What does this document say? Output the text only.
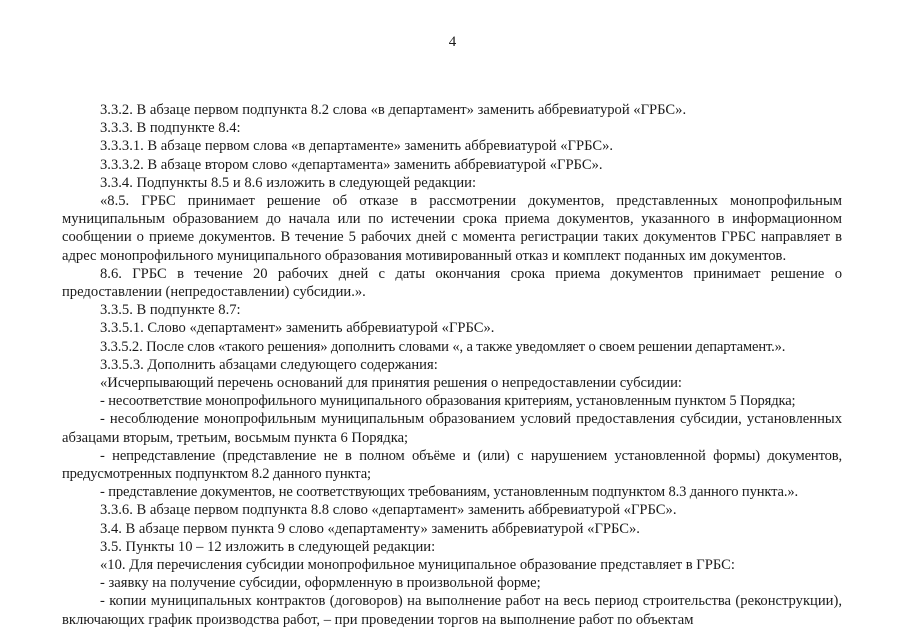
4

3.3.2. В абзаце первом подпункта 8.2 слова «в департамент» заменить аббревиатурой «ГРБС».

3.3.3. В подпункте 8.4:

3.3.3.1. В абзаце первом слова «в департаменте» заменить аббревиатурой «ГРБС».

3.3.3.2. В абзаце втором слово «департамента» заменить аббревиатурой «ГРБС».

3.3.4. Подпункты 8.5 и 8.6 изложить в следующей редакции:

«8.5. ГРБС принимает решение об отказе в рассмотрении документов, представленных монопрофильным муниципальным образованием до начала или по истечении срока приема документов, указанного в информационном сообщении о приеме документов. В течение 5 рабочих дней с момента регистрации таких документов ГРБС направляет в адрес монопрофильного муниципального образования мотивированный отказ и комплект поданных им документов.

8.6. ГРБС в течение 20 рабочих дней с даты окончания срока приема документов принимает решение о предоставлении (непредоставлении) субсидии.».

3.3.5. В подпункте 8.7:

3.3.5.1. Слово «департамент» заменить аббревиатурой «ГРБС».

3.3.5.2. После слов «такого решения» дополнить словами «, а также уведомляет о своем решении департамент.».

3.3.5.3. Дополнить абзацами следующего содержания:

«Исчерпывающий перечень оснований для принятия решения о непредоставлении субсидии:

- несоответствие монопрофильного муниципального образования критериям, установленным пунктом 5 Порядка;

- несоблюдение монопрофильным муниципальным образованием условий предоставления субсидии, установленных абзацами вторым, третьим, восьмым пункта 6 Порядка;

- непредставление (представление не в полном объёме и (или) с нарушением установленной формы) документов, предусмотренных подпунктом 8.2 данного пункта;

- представление документов, не соответствующих требованиям, установленным подпунктом 8.3 данного пункта.».

3.3.6. В абзаце первом подпункта 8.8 слово «департамент» заменить аббревиатурой «ГРБС».

3.4. В абзаце первом пункта 9 слово «департаменту» заменить аббревиатурой «ГРБС».

3.5. Пункты 10 – 12 изложить в следующей редакции:

«10. Для перечисления субсидии монопрофильное муниципальное образование представляет в ГРБС:

- заявку на получение субсидии, оформленную в произвольной форме;

- копии муниципальных контрактов (договоров) на выполнение работ на весь период строительства (реконструкции), включающих график производства работ, – при проведении торгов на выполнение работ по объектам
